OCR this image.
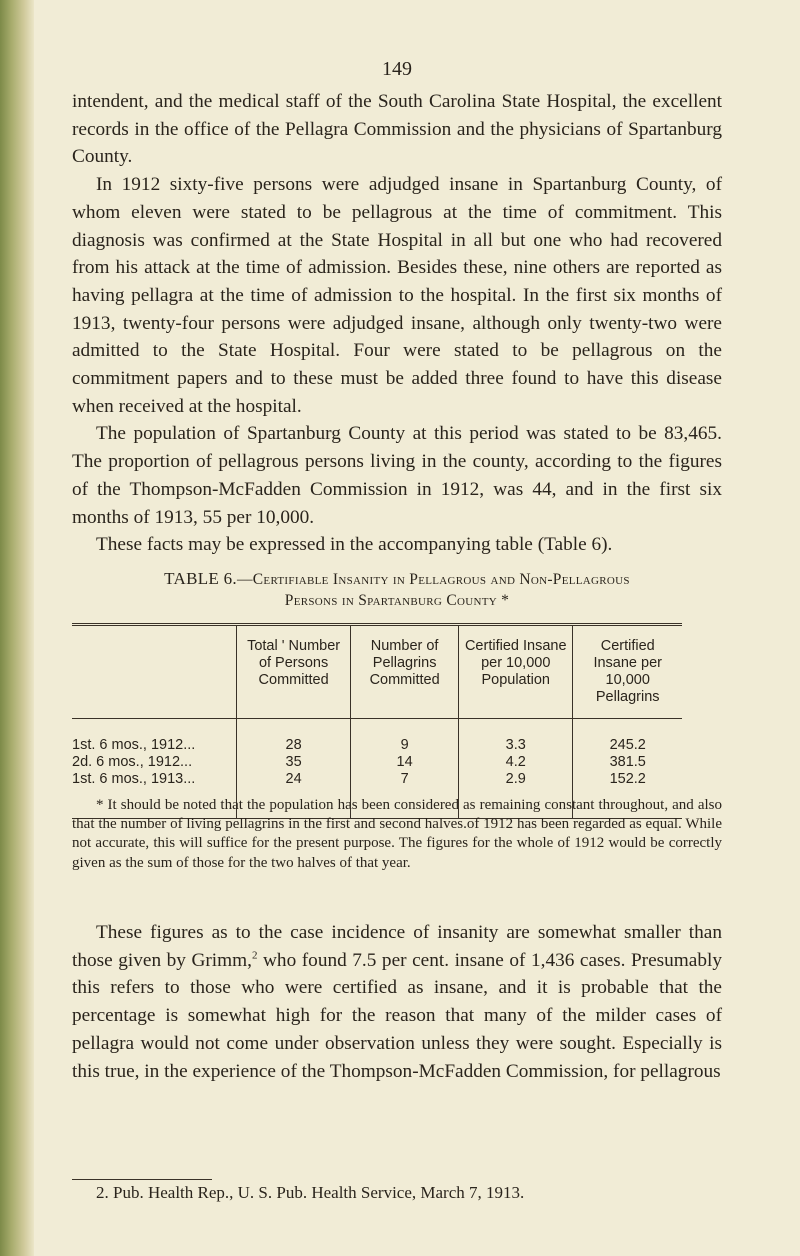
149

intendent, and the medical staff of the South Carolina State Hospital, the excellent records in the office of the Pellagra Commission and the physicians of Spartanburg County.

In 1912 sixty-five persons were adjudged insane in Spartanburg County, of whom eleven were stated to be pellagrous at the time of commitment. This diagnosis was confirmed at the State Hospital in all but one who had recovered from his attack at the time of admission. Besides these, nine others are reported as having pellagra at the time of admission to the hospital. In the first six months of 1913, twenty-four persons were adjudged insane, although only twenty-two were admitted to the State Hospital. Four were stated to be pellagrous on the commitment papers and to these must be added three found to have this disease when received at the hospital.

The population of Spartanburg County at this period was stated to be 83,465. The proportion of pellagrous persons living in the county, according to the figures of the Thompson-McFadden Commission in 1912, was 44, and in the first six months of 1913, 55 per 10,000.

These facts may be expressed in the accompanying table (Table 6).

TABLE 6.—Certifiable Insanity in Pellagrous and Non-Pellagrous
Persons in Spartanburg County *
	Total ' Number of Persons Committed	Number of Pellagrins Committed	Certified Insane per 10,000 Population	Certified Insane per 10,000 Pellagrins
1st. 6 mos., 1912...	28	9	3.3	245.2
2d. 6 mos., 1912...	35	14	4.2	381.5
1st. 6 mos., 1913...	24	7	2.9	152.2

* It should be noted that the population has been considered as remaining constant throughout, and also that the number of living pellagrins in the first and second halves.of 1912 has been regarded as equal. While not accurate, this will suffice for the present purpose. The figures for the whole of 1912 would be correctly given as the sum of those for the two halves of that year.

These figures as to the case incidence of insanity are somewhat smaller than those given by Grimm,$^2$ who found 7.5 per cent. insane of 1,436 cases. Presumably this refers to those who were certified as insane, and it is probable that the percentage is somewhat high for the reason that many of the milder cases of pellagra would not come under observation unless they were sought. Especially is this true, in the experience of the Thompson-McFadden Commission, for pellagrous

2. Pub. Health Rep., U. S. Pub. Health Service, March 7, 1913.
